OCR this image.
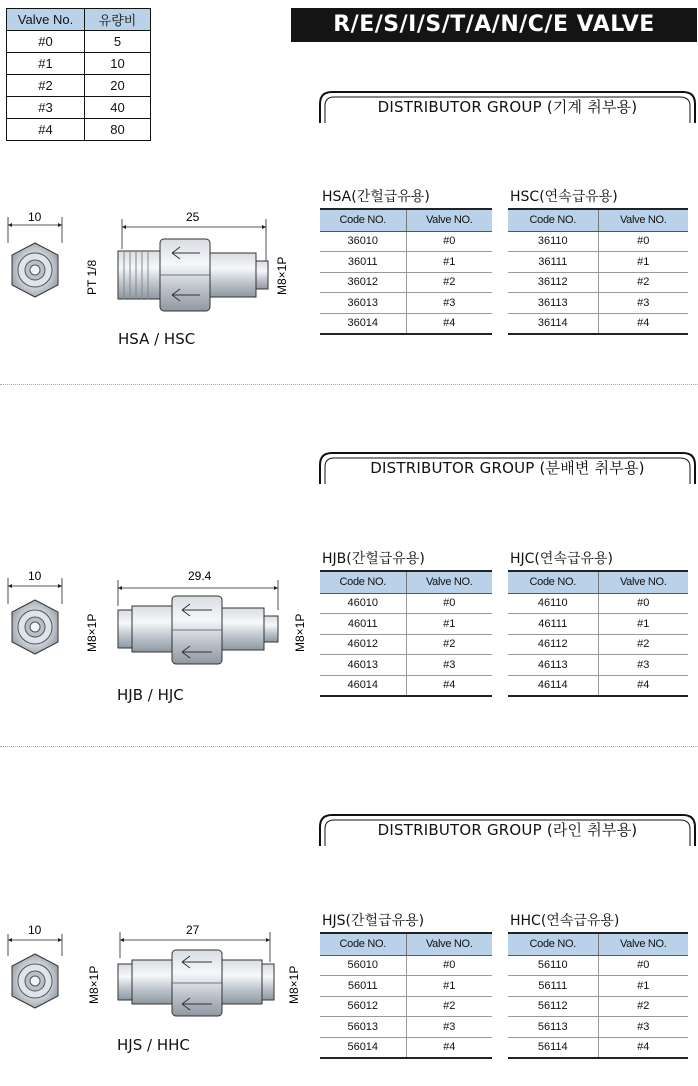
Valve No.	유량비
#0	5
#1	10
#2	20
#3	40
#4	80
R/E/S/I/S/T/A/N/C/E VALVE
DISTRIBUTOR GROUP (기계 취부용)
HSA(간헐급유용)
Code NO.	Valve NO.
36010	#0
36011	#1
36012	#2
36013	#3
36014	#4
HSC(연속급유용)
Code NO.	Valve NO.
36110	#0
36111	#1
36112	#2
36113	#3
36114	#4
10	25
PT 1/8	M8×1P
HSA / HSC
DISTRIBUTOR GROUP (분배변 취부용)
HJB(간헐급유용)
Code NO.	Valve NO.
46010	#0
46011	#1
46012	#2
46013	#3
46014	#4
HJC(연속급유용)
Code NO.	Valve NO.
46110	#0
46111	#1
46112	#2
46113	#3
46114	#4
10	29.4
M8×1P	M8×1P
HJB / HJC
DISTRIBUTOR GROUP (라인 취부용)
HJS(간헐급유용)
Code NO.	Valve NO.
56010	#0
56011	#1
56012	#2
56013	#3
56014	#4
HHC(연속급유용)
Code NO.	Valve NO.
56110	#0
56111	#1
56112	#2
56113	#3
56114	#4
10	27
M8×1P	M8×1P
HJS / HHC
